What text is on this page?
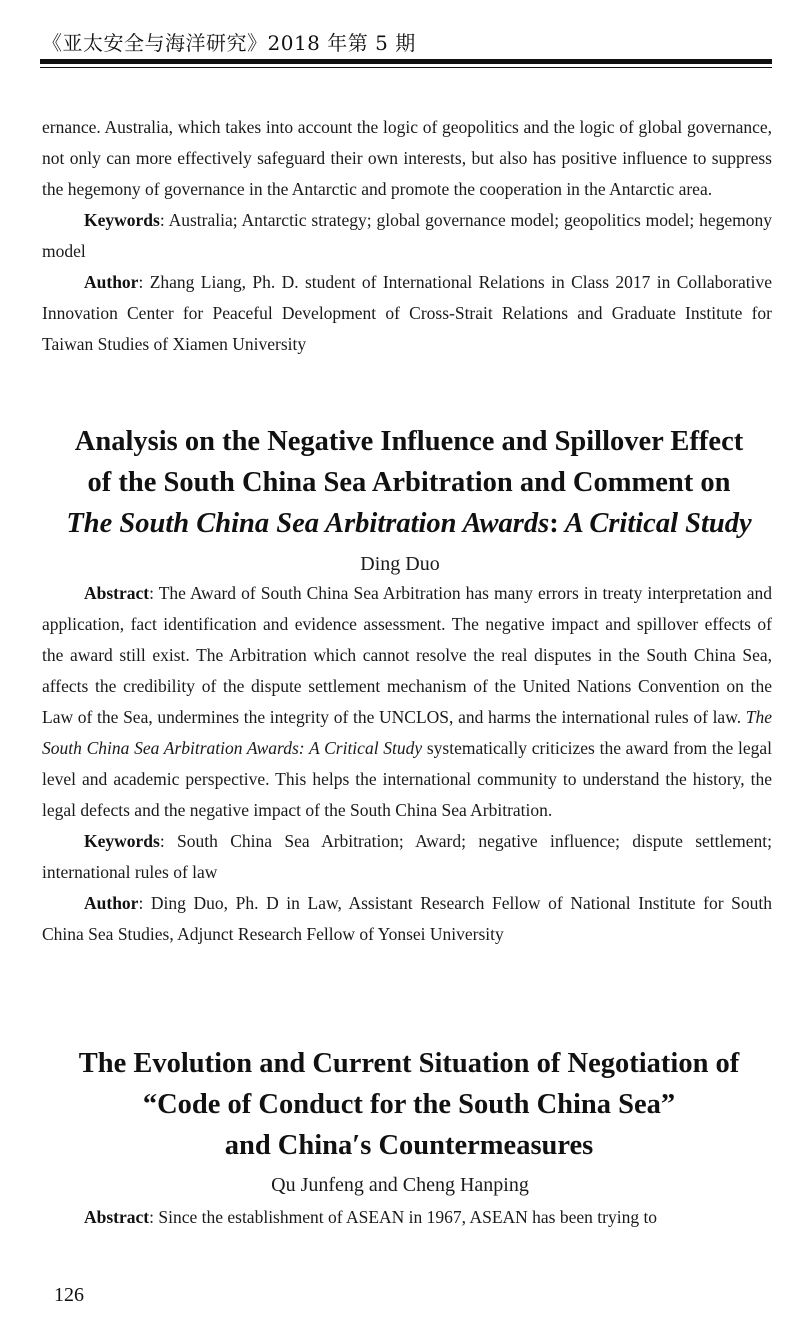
《亚太安全与海洋研究》2018 年第 5 期

ernance. Australia, which takes into account the logic of geopolitics and the logic of global governance, not only can more effectively safeguard their own interests, but also has positive influence to suppress the hegemony of governance in the Antarctic and promote the cooperation in the Antarctic area.

Keywords: Australia; Antarctic strategy; global governance model; geopolitics model; hegemony model

Author: Zhang Liang, Ph. D. student of International Relations in Class 2017 in Collaborative Innovation Center for Peaceful Development of Cross-Strait Relations and Graduate Institute for Taiwan Studies of Xiamen University

Analysis on the Negative Influence and Spillover Effect
of the South China Sea Arbitration and Comment on
The South China Sea Arbitration Awards: A Critical Study
Ding Duo

Abstract: The Award of South China Sea Arbitration has many errors in treaty interpretation and application, fact identification and evidence assessment. The negative impact and spillover effects of the award still exist. The Arbitration which cannot resolve the real disputes in the South China Sea, affects the credibility of the dispute settlement mechanism of the United Nations Convention on the Law of the Sea, undermines the integrity of the UNCLOS, and harms the international rules of law. The South China Sea Arbitration Awards: A Critical Study systematically criticizes the award from the legal level and academic perspective. This helps the international community to understand the history, the legal defects and the negative impact of the South China Sea Arbitration.

Keywords: South China Sea Arbitration; Award; negative influence; dispute settlement; international rules of law

Author: Ding Duo, Ph. D in Law, Assistant Research Fellow of National Institute for South China Sea Studies, Adjunct Research Fellow of Yonsei University

The Evolution and Current Situation of Negotiation of
“Code of Conduct for the South China Sea”
and China′s Countermeasures
Qu Junfeng and Cheng Hanping

Abstract: Since the establishment of ASEAN in 1967, ASEAN has been trying to

126
